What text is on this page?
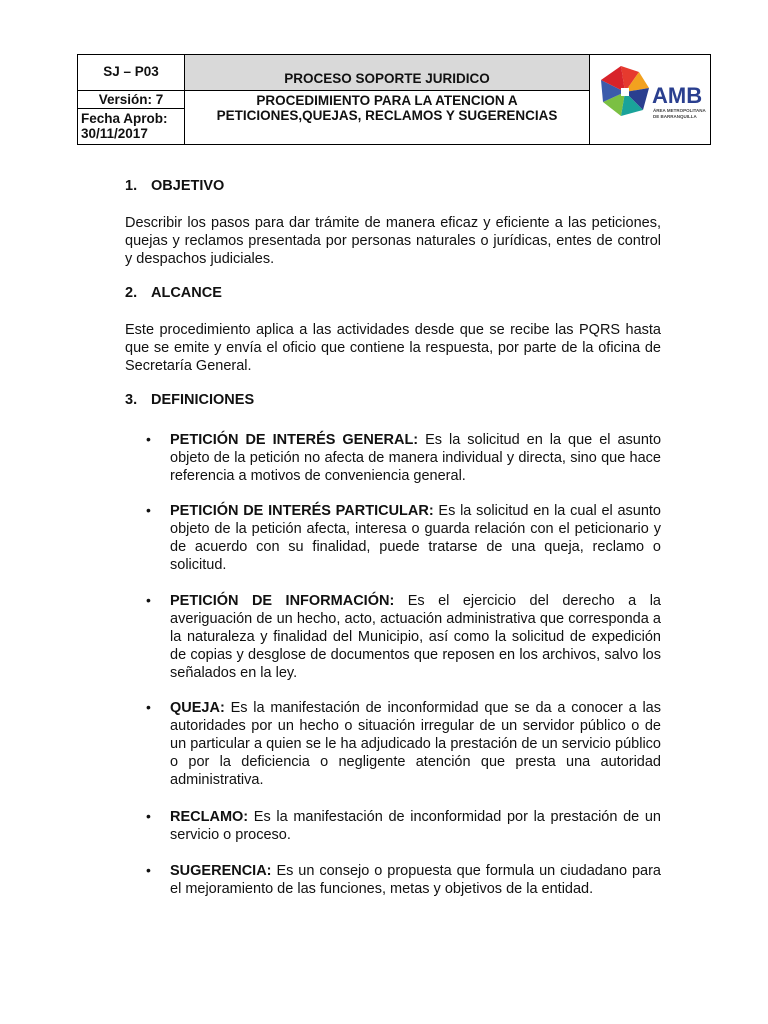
SJ – P03
Versión: 7
Fecha Aprob:
30/11/2017
PROCESO SOPORTE JURIDICO
PROCEDIMIENTO PARA LA ATENCION A
PETICIONES,QUEJAS, RECLAMOS Y SUGERENCIAS
AMB
ÁREA METROPOLITANA
DE BARRANQUILLA
1. OBJETIVO
Describir los pasos para dar trámite de manera eficaz y eficiente a las peticiones, quejas y reclamos presentada por personas naturales o jurídicas, entes de control y despachos judiciales.
2. ALCANCE
Este procedimiento aplica a las actividades desde que se recibe las PQRS hasta que se emite y envía el oficio que contiene la respuesta, por parte de la oficina de Secretaría General.
3. DEFINICIONES
• PETICIÓN DE INTERÉS GENERAL: Es la solicitud en la que el asunto objeto de la petición no afecta de manera individual y directa, sino que hace referencia a motivos de conveniencia general.
• PETICIÓN DE INTERÉS PARTICULAR: Es la solicitud en la cual el asunto objeto de la petición afecta, interesa o guarda relación con el peticionario y de acuerdo con su finalidad, puede tratarse de una queja, reclamo o solicitud.
• PETICIÓN DE INFORMACIÓN: Es el ejercicio del derecho a la averiguación de un hecho, acto, actuación administrativa que corresponda a la naturaleza y finalidad del Municipio, así como la solicitud de expedición de copias y desglose de documentos que reposen en los archivos, salvo los señalados en la ley.
• QUEJA: Es la manifestación de inconformidad que se da a conocer a las autoridades por un hecho o situación irregular de un servidor público o de un particular a quien se le ha adjudicado la prestación de un servicio público o por la deficiencia o negligente atención que presta una autoridad administrativa.
• RECLAMO: Es la manifestación de inconformidad por la prestación de un servicio o proceso.
• SUGERENCIA: Es un consejo o propuesta que formula un ciudadano para el mejoramiento de las funciones, metas y objetivos de la entidad.
